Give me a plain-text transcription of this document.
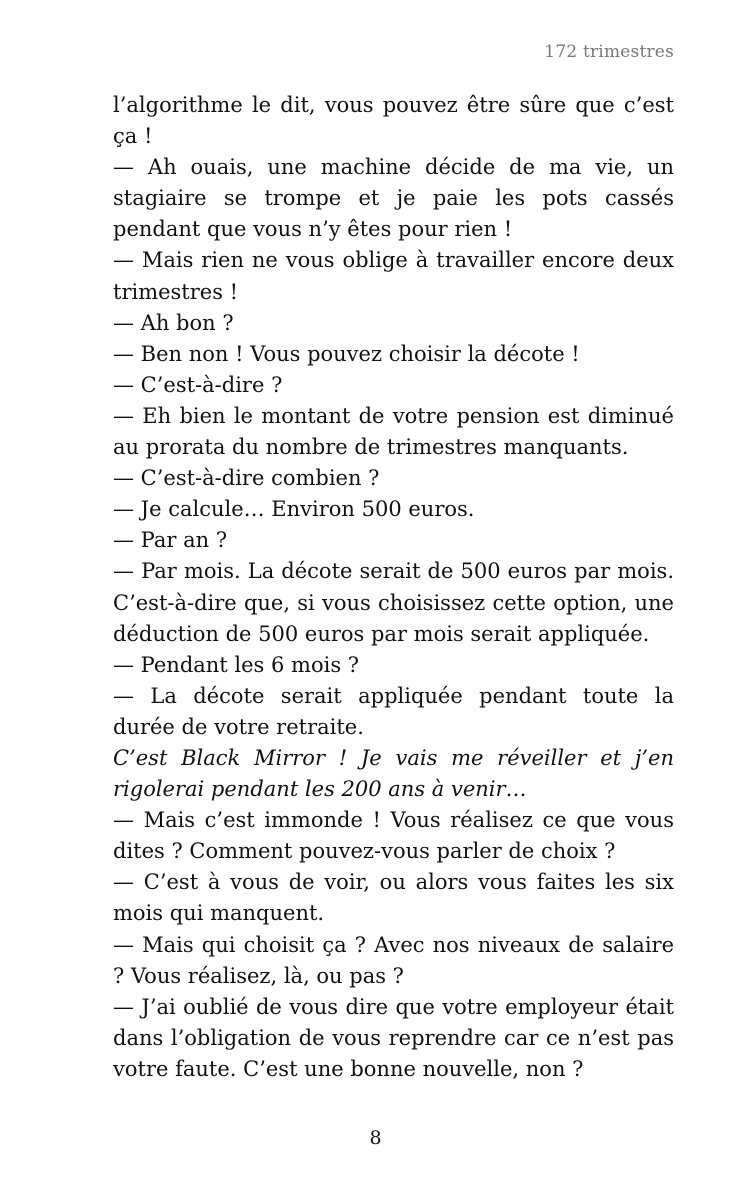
172 trimestres

l’algorithme le dit, vous pouvez être sûre que c’est ça !

— Ah ouais, une machine décide de ma vie, un stagiaire se trompe et je paie les pots cassés pendant que vous n’y êtes pour rien !

— Mais rien ne vous oblige à travailler encore deux trimestres !

— Ah bon ?

— Ben non ! Vous pouvez choisir la décote !

— C’est-à-dire ?

— Eh bien le montant de votre pension est diminué au prorata du nombre de trimestres manquants.

— C’est-à-dire combien ?

— Je calcule… Environ 500 euros.

— Par an ?

— Par mois. La décote serait de 500 euros par mois. C’est-à-dire que, si vous choisissez cette option, une déduction de 500 euros par mois serait appliquée.

— Pendant les 6 mois ?

— La décote serait appliquée pendant toute la durée de votre retraite.

C’est Black Mirror ! Je vais me réveiller et j’en rigolerai pendant les 200 ans à venir…

— Mais c’est immonde ! Vous réalisez ce que vous dites ? Comment pouvez-vous parler de choix ?

— C’est à vous de voir, ou alors vous faites les six mois qui manquent.

— Mais qui choisit ça ? Avec nos niveaux de salaire ? Vous réalisez, là, ou pas ?

— J’ai oublié de vous dire que votre employeur était dans l’obligation de vous reprendre car ce n’est pas votre faute. C’est une bonne nouvelle, non ?

8
